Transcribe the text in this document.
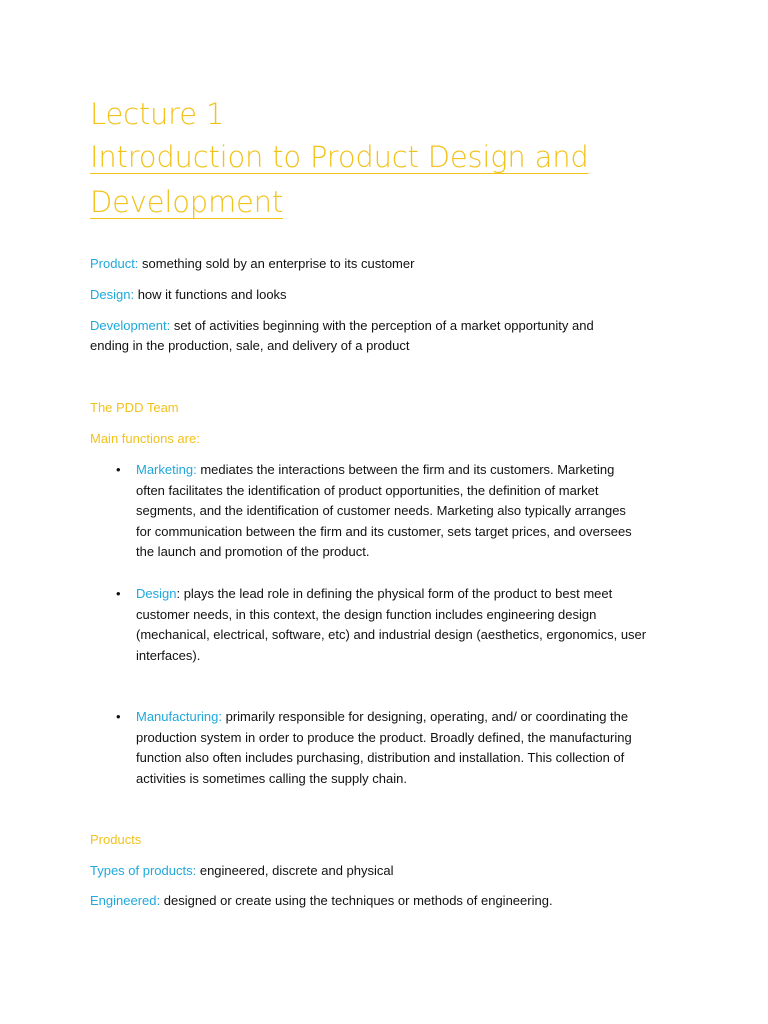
Lecture 1
Introduction to Product Design and
Development
Product: something sold by an enterprise to its customer
Design: how it functions and looks
Development: set of activities beginning with the perception of a market opportunity and
ending in the production, sale, and delivery of a product
The PDD Team
Main functions are:
• Marketing: mediates the interactions between the firm and its customers. Marketing
often facilitates the identification of product opportunities, the definition of market
segments, and the identification of customer needs. Marketing also typically arranges
for communication between the firm and its customer, sets target prices, and oversees
the launch and promotion of the product.
• Design: plays the lead role in defining the physical form of the product to best meet
customer needs, in this context, the design function includes engineering design
(mechanical, electrical, software, etc) and industrial design (aesthetics, ergonomics, user
interfaces).
• Manufacturing: primarily responsible for designing, operating, and/ or coordinating the
production system in order to produce the product. Broadly defined, the manufacturing
function also often includes purchasing, distribution and installation. This collection of
activities is sometimes calling the supply chain.
Products
Types of products: engineered, discrete and physical
Engineered: designed or create using the techniques or methods of engineering.
